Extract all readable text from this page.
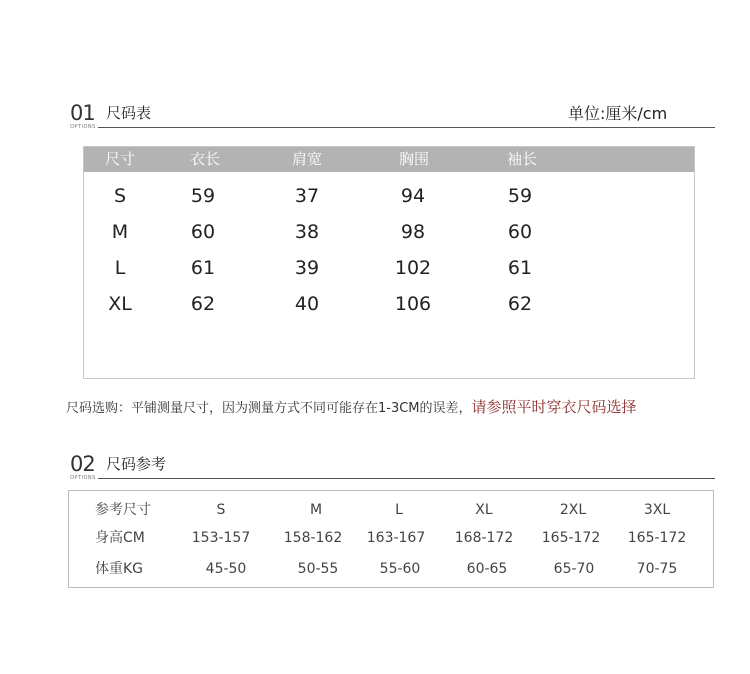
01
OPTIONS
尺码表	单位:厘米/cm
尺寸	衣长	肩宽	胸围	袖长
S	59	37	94	59
M	60	38	98	60
L	61	39	102	61
XL	62	40	106	62
尺码选购：平铺测量尺寸，因为测量方式不同可能存在1-3CM的误差，请参照平时穿衣尺码选择
02
OPTIONS
尺码参考
参考尺寸	S	M	L	XL	2XL	3XL
身高CM	153-157 158-162 163-167 168-172 165-172 165-172
体重KG	45-50	50-55	55-60	60-65	65-70	70-75
